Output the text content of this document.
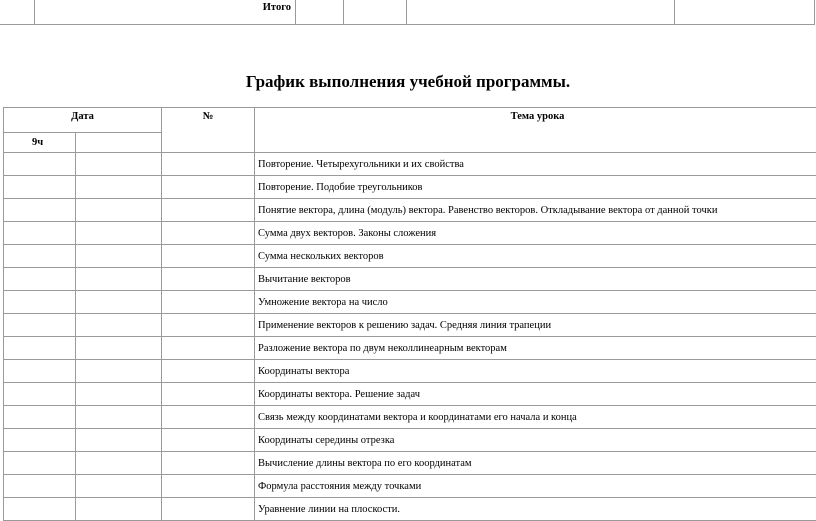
	Итого				
График выполнения учебной программы.
Дата		№	Тема урока
9ч			
			Повторение. Четырехугольники и их свойства
			Повторение. Подобие треугольников
			Понятие вектора, длина (модуль) вектора. Равенство векторов. Откладывание вектора от данной точки
			Сумма двух векторов. Законы сложения
			Сумма нескольких векторов
			Вычитание векторов
			Умножение вектора на число
			Применение векторов к решению задач. Средняя линия трапеции
			Разложение вектора по двум неколлинеарным векторам
			Координаты вектора
			Координаты вектора. Решение задач
			Связь между координатами вектора и координатами его начала и конца
			Координаты середины отрезка
			Вычисление длины вектора по его координатам
			Формула расстояния между точками
			Уравнение линии на плоскости.
